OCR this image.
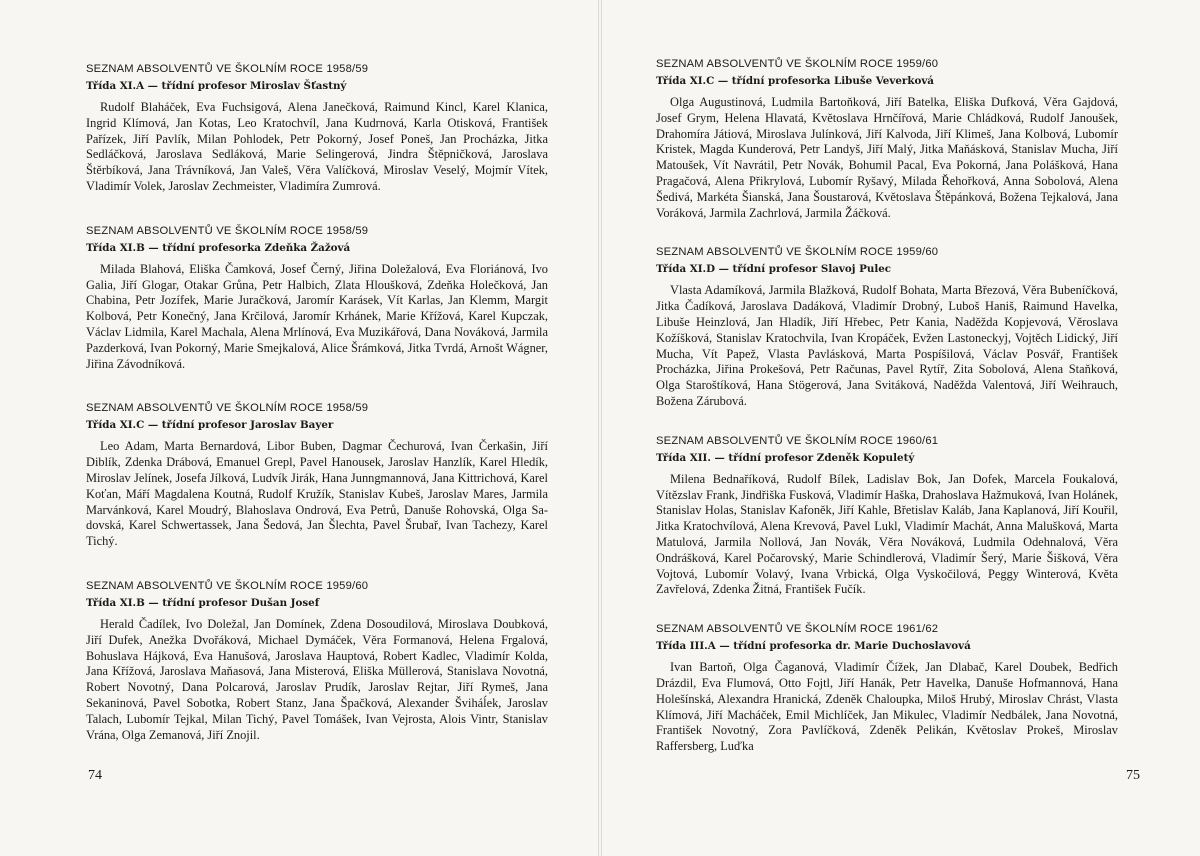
SEZNAM ABSOLVENTŮ VE ŠKOLNÍM ROCE 1958/59

Třída XI.A — třídní profesor Miroslav Šťastný

Rudolf Blaháček, Eva Fuchsigová, Alena Janečková, Raimund Kincl, Karel Klanica, Ingrid Klímová, Jan Kotas, Leo Kratochvíl, Jana Kudrnová, Karla Otisková, František Pařízek, Jiří Pavlík, Milan Pohlodek, Petr Pokorný, Josef Poneš, Jan Procházka, Jitka Sedláčková, Jaroslava Sedláková, Marie Selingerová, Jindra Štěpničková, Jaroslava Štěrbíková, Jana Trávníková, Jan Valeš, Věra Valíčková, Miroslav Veselý, Mojmír Vítek, Vladimír Volek, Jaroslav Zechmeister, Vladimíra Zumrová.

SEZNAM ABSOLVENTŮ VE ŠKOLNÍM ROCE 1958/59

Třída XI.B — třídní profesorka Zdeňka Žažová

Milada Blahová, Eliška Čamková, Josef Černý, Jiřina Doležalová, Eva Floriánová, Ivo Galia, Jiří Glogar, Otakar Grůna, Petr Halbich, Zlata Hloušková, Zdeňka Holečková, Jan Chabina, Petr Jozífek, Marie Juračková, Jaromír Karásek, Vít Karlas, Jan Klemm, Margit Kolbová, Petr Konečný, Jana Krčilová, Jaromír Krhánek, Marie Křížová, Karel Kupczak, Václav Lidmila, Karel Machala, Alena Mrlínová, Eva Muzikářová, Dana Nováková, Jarmila Pazderková, Ivan Pokorný, Marie Smejkalová, Alice Šrámková, Jitka Tvrdá, Arnošt Wágner, Jiřina Závodníková.

SEZNAM ABSOLVENTŮ VE ŠKOLNÍM ROCE 1958/59

Třída XI.C — třídní profesor Jaroslav Bayer

Leo Adam, Marta Bernardová, Libor Buben, Dagmar Čechurová, Ivan Čerkašin, Jiří Diblík, Zdenka Drábová, Emanuel Grepl, Pavel Hanousek, Jaroslav Hanzlík, Karel Hledík, Miroslav Jelínek, Josefa Jílková, Ludvík Jirák, Hana Junngmannová, Jana Kittrichová, Karel Koťan, Máří Magdalena Koutná, Rudolf Kružík, Stanislav Kubeš, Jaroslav Mares, Jarmila Marvánková, Karel Moudrý, Blahoslava Ondrová, Eva Petrů, Danuše Rohovská, Olga Sadovská, Karel Schwertassek, Jana Šedová, Jan Šlechta, Pavel Šrubař, Ivan Tachezy, Karel Tichý.

SEZNAM ABSOLVENTŮ VE ŠKOLNÍM ROCE 1959/60

Třída XI.B — třídní profesor Dušan Josef

Herald Čadílek, Ivo Doležal, Jan Domínek, Zdena Dosoudilová, Miroslava Doubková, Jiří Dufek, Anežka Dvořáková, Michael Dymáček, Věra Formanová, Helena Frgalová, Bohuslava Hájková, Eva Hanušová, Jaroslava Hauptová, Robert Kadlec, Vladimír Kolda, Jana Křížová, Jaroslava Maňasová, Jana Misterová, Eliška Müllerová, Stanislava Novotná, Robert Novotný, Dana Polcarová, Jaroslav Prudík, Jaroslav Rejtar, Jiří Rymeš, Jana Sekaninová, Pavel Sobotka, Robert Stanz, Jana Špačková, Alexander Šviháĺek, Jaroslav Talach, Lubomír Tejkal, Milan Tichý, Pavel Tomášek, Ivan Vejrosta, Alois Vintr, Stanislav Vrána, Olga Zemanová, Jiří Znojil.

74

SEZNAM ABSOLVENTŮ VE ŠKOLNÍM ROCE 1959/60

Třída XI.C — třídní profesorka Libuše Veverková

Olga Augustinová, Ludmila Bartoňková, Jiří Batelka, Eliška Dufková, Věra Gajdová, Josef Grym, Helena Hlavatá, Květoslava Hrnčířová, Marie Chládková, Rudolf Janoušek, Drahomíra Játiová, Miroslava Julínková, Jiří Kalvoda, Jiří Klimeš, Jana Kolbová, Lubomír Kristek, Magda Kunderová, Petr Landyš, Jiří Malý, Jitka Maňásková, Stanislav Mucha, Jiří Matoušek, Vít Navrátil, Petr Novák, Bohumil Pacal, Eva Pokorná, Jana Polášková, Hana Pragačová, Alena Přikrylová, Lubomír Ryšavý, Milada Řehořková, Anna Sobolová, Alena Šedivá, Markéta Šianská, Jana Šoustarová, Květoslava Štěpánková, Božena Tejkalová, Jana Voráková, Jarmila Zachrlová, Jarmila Žáčková.

SEZNAM ABSOLVENTŮ VE ŠKOLNÍM ROCE 1959/60

Třída XI.D — třídní profesor Slavoj Pulec

Vlasta Adamíková, Jarmila Blažková, Rudolf Bohata, Marta Březová, Věra Bubeníčková, Jitka Čadíková, Jaroslava Dadáková, Vladimír Drobný, Luboš Haniš, Raimund Havelka, Libuše Heinzlová, Jan Hladík, Jiří Hřebec, Petr Kania, Naděžda Kopjevová, Věroslava Kožíšková, Stanislav Kratochvila, Ivan Kropáček, Evžen Lastoneckyj, Vojtěch Lidický, Jiří Mucha, Vít Papež, Vlasta Pavlásková, Marta Pospíšilová, Václav Posvář, František Procházka, Jiřina Prokešová, Petr Računas, Pavel Rytíř, Zita Sobolová, Alena Staňková, Olga Staroštíková, Hana Stögerová, Jana Svitáková, Naděžda Valentová, Jiří Weihrauch, Božena Zárubová.

SEZNAM ABSOLVENTŮ VE ŠKOLNÍM ROCE 1960/61

Třída XII. — třídní profesor Zdeněk Kopuletý

Milena Bednaříková, Rudolf Bílek, Ladislav Bok, Jan Dofek, Marcela Foukalová, Vítězslav Frank, Jindřiška Fusková, Vladimír Haška, Drahoslava Hažmuková, Ivan Holánek, Stanislav Holas, Stanislav Kafoněk, Jiří Kahle, Břetislav Kaláb, Jana Kaplanová, Jiří Kouřil, Jitka Kratochvílová, Alena Krevová, Pavel Lukl, Vladimír Machát, Anna Malušková, Marta Matulová, Jarmila Nollová, Jan Novák, Věra Nováková, Ludmila Odehnalová, Věra Ondrášková, Karel Počarovský, Marie Schindlerová, Vladimír Šerý, Marie Šišková, Věra Vojtová, Lubomír Volavý, Ivana Vrbická, Olga Vyskočilová, Peggy Winterová, Květa Zavřelová, Zdenka Žitná, František Fučík.

SEZNAM ABSOLVENTŮ VE ŠKOLNÍM ROCE 1961/62

Třída III.A — třídní profesorka dr. Marie Duchoslavová

Ivan Bartoň, Olga Čaganová, Vladimír Čížek, Jan Dlabač, Karel Doubek, Bedřich Drázdil, Eva Flumová, Otto Fojtl, Jiří Hanák, Petr Havelka, Danuše Hofmannová, Hana Holešínská, Alexandra Hranická, Zdeněk Chaloupka, Miloš Hrubý, Miroslav Chrást, Vlasta Klímová, Jiří Macháček, Emil Michlíček, Jan Mikulec, Vladimír Nedbálek, Jana Novotná, František Novotný, Zora Pavlíčková, Zdeněk Pelikán, Květoslav Prokeš, Miroslav Raffersberg, Luďka

75
